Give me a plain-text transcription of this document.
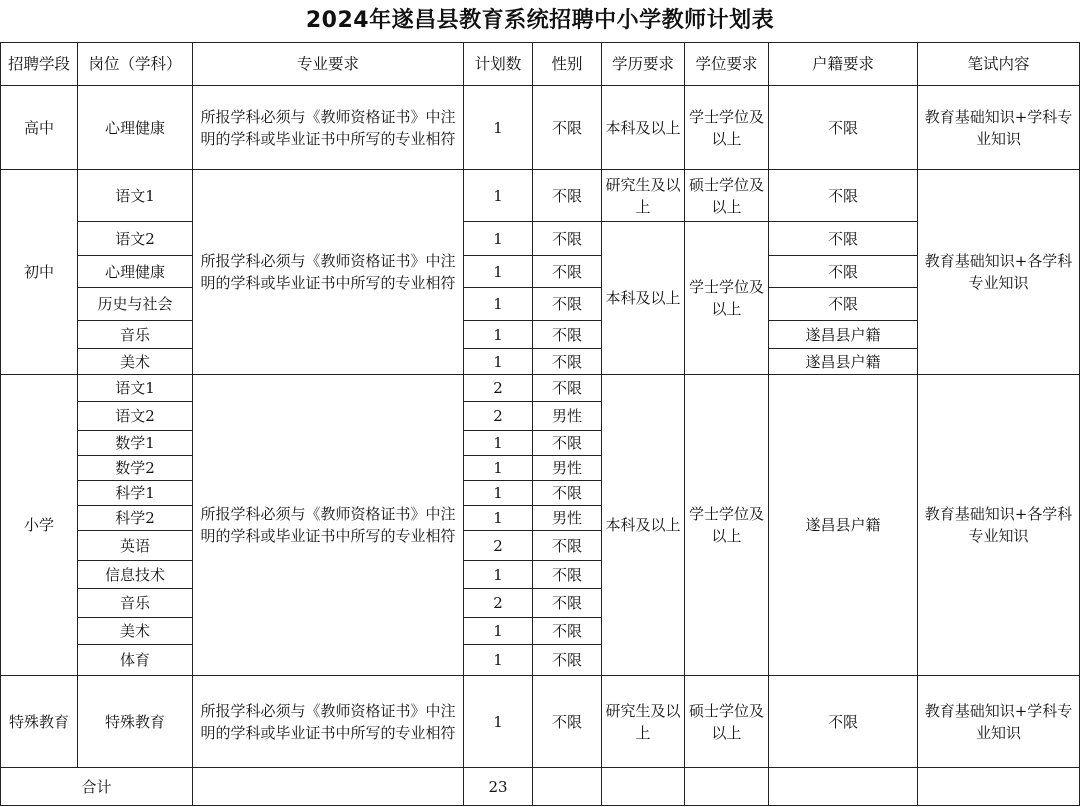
2024年遂昌县教育系统招聘中小学教师计划表
招聘学段	岗位（学科）	专业要求	计划数	性别	学历要求	学位要求	户籍要求	笔试内容
高中	心理健康	所报学科必须与《教师资格证书》中注明的学科或毕业证书中所写的专业相符	1	不限	本科及以上	学士学位及以上	不限	教育基础知识+学科专业知识
初中	语文1	所报学科必须与《教师资格证书》中注明的学科或毕业证书中所写的专业相符	1	不限	研究生及以上	硕士学位及以上	不限	教育基础知识+各学科专业知识
	语文2		1	不限	本科及以上	学士学位及以上	不限	
	心理健康		1	不限			不限	
	历史与社会		1	不限			不限	
	音乐		1	不限			遂昌县户籍	
	美术		1	不限			遂昌县户籍	
小学	语文1	所报学科必须与《教师资格证书》中注明的学科或毕业证书中所写的专业相符	2	不限	本科及以上	学士学位及以上	遂昌县户籍	教育基础知识+各学科专业知识
	语文2		2	男性				
	数学1		1	不限				
	数学2		1	男性				
	科学1		1	不限				
	科学2		1	男性				
	英语		2	不限				
	信息技术		1	不限				
	音乐		2	不限				
	美术		1	不限				
	体育		1	不限				
特殊教育	特殊教育	所报学科必须与《教师资格证书》中注明的学科或毕业证书中所写的专业相符	1	不限	研究生及以上	硕士学位及以上	不限	教育基础知识+学科专业知识
合计			23					
